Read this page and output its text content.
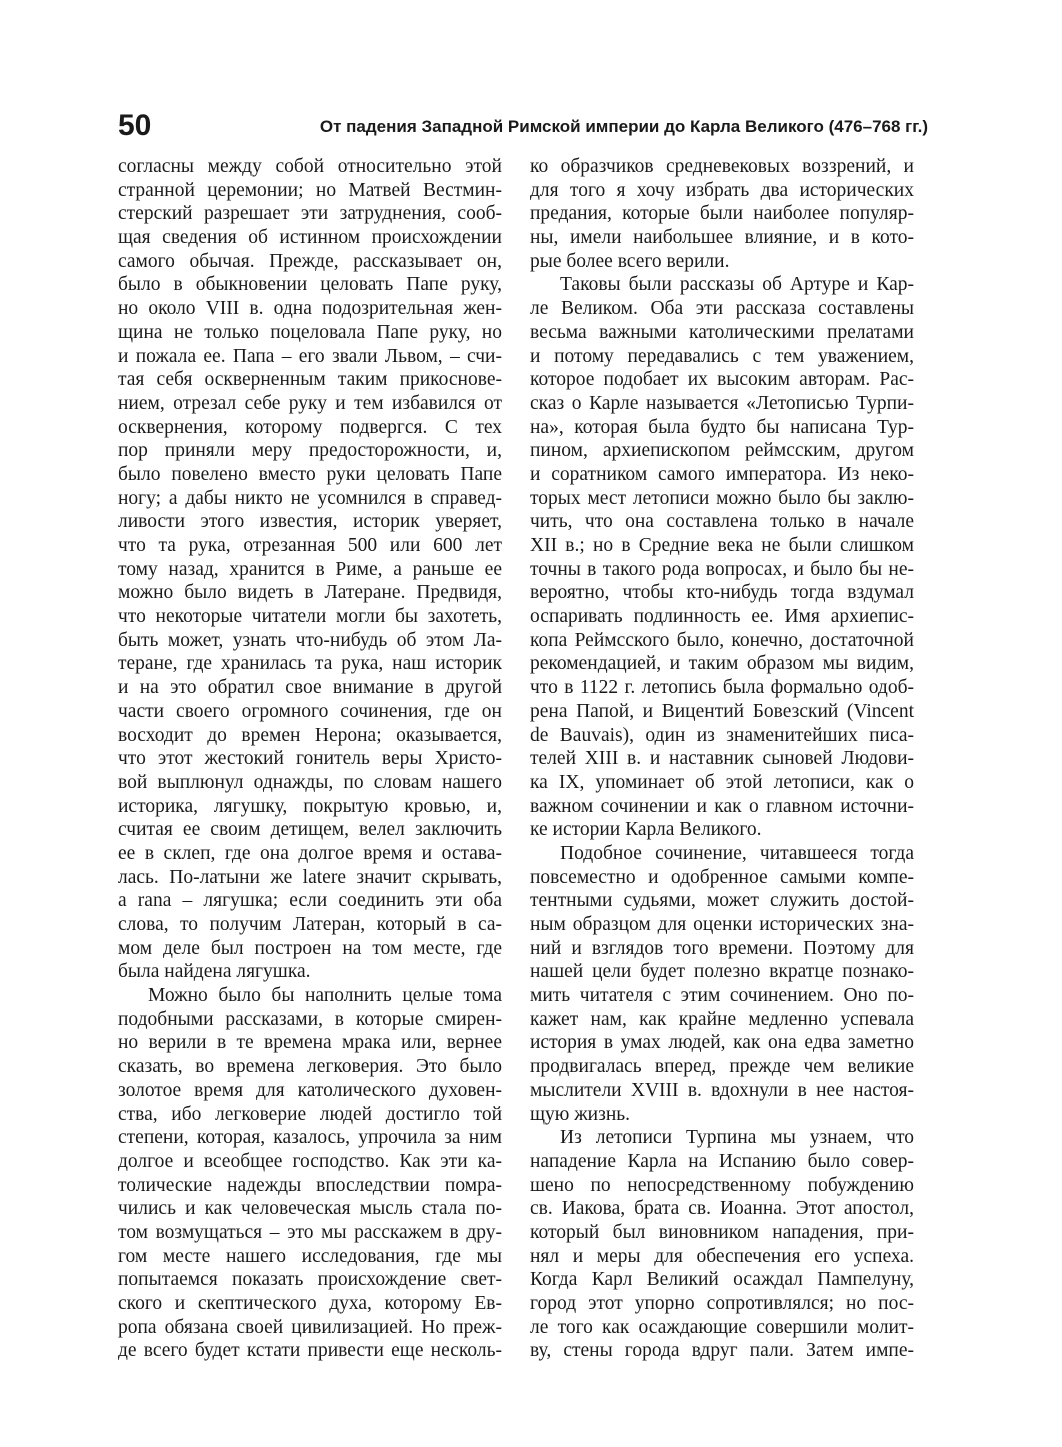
50	От падения Западной Римской империи до Карла Великого (476–768 гг.)
согласны между собой относительно этой
странной церемонии; но Матвей Вестмин-
стерский разрешает эти затруднения, сооб-
щая сведения об истинном происхождении
самого обычая. Прежде, рассказывает он,
было в обыкновении целовать Папе руку,
но около VIII в. одна подозрительная жен-
щина не только поцеловала Папе руку, но
и пожала ее. Папа – его звали Львом, – счи-
тая себя оскверненным таким прикоснове-
нием, отрезал себе руку и тем избавился от
осквернения, которому подвергся. С тех
пор приняли меру предосторожности, и,
было повелено вместо руки целовать Папе
ногу; а дабы никто не усомнился в справед-
ливости этого известия, историк уверяет,
что та рука, отрезанная 500 или 600 лет
тому назад, хранится в Риме, а раньше ее
можно было видеть в Латеране. Предвидя,
что некоторые читатели могли бы захотеть,
быть может, узнать что-нибудь об этом Ла-
теране, где хранилась та рука, наш историк
и на это обратил свое внимание в другой
части своего огромного сочинения, где он
восходит до времен Нерона; оказывается,
что этот жестокий гонитель веры Христо-
вой выплюнул однажды, по словам нашего
историка, лягушку, покрытую кровью, и,
считая ее своим детищем, велел заключить
ее в склеп, где она долгое время и остава-
лась. По-латыни же latere значит скрывать,
а rana – лягушка; если соединить эти оба
слова, то получим Латеран, который в са-
мом деле был построен на том месте, где
была найдена лягушка.
Можно было бы наполнить целые тома
подобными рассказами, в которые смирен-
но верили в те времена мрака или, вернее
сказать, во времена легковерия. Это было
золотое время для католического духовен-
ства, ибо легковерие людей достигло той
степени, которая, казалось, упрочила за ним
долгое и всеобщее господство. Как эти ка-
толические надежды впоследствии помра-
чились и как человеческая мысль стала по-
том возмущаться – это мы расскажем в дру-
гом месте нашего исследования, где мы
попытаемся показать происхождение свет-
ского и скептического духа, которому Ев-
ропа обязана своей цивилизацией. Но преж-
де всего будет кстати привести еще несколь-
ко образчиков средневековых воззрений, и
для того я хочу избрать два исторических
предания, которые были наиболее популяр-
ны, имели наибольшее влияние, и в кото-
рые более всего верили.
Таковы были рассказы об Артуре и Кар-
ле Великом. Оба эти рассказа составлены
весьма важными католическими прелатами
и потому передавались с тем уважением,
которое подобает их высоким авторам. Рас-
сказ о Карле называется «Летописью Турпи-
на», которая была будто бы написана Тур-
пином, архиепископом реймсским, другом
и соратником самого императора. Из неко-
торых мест летописи можно было бы заклю-
чить, что она составлена только в начале
XII в.; но в Средние века не были слишком
точны в такого рода вопросах, и было бы не-
вероятно, чтобы кто-нибудь тогда вздумал
оспаривать подлинность ее. Имя архиепис-
копа Реймсского было, конечно, достаточной
рекомендацией, и таким образом мы видим,
что в 1122 г. летопись была формально одоб-
рена Папой, и Вицентий Бовезский (Vincent
de Bauvais), один из знаменитейших писа-
телей XIII в. и наставник сыновей Людови-
ка IX, упоминает об этой летописи, как о
важном сочинении и как о главном источни-
ке истории Карла Великого.
Подобное сочинение, читавшееся тогда
повсеместно и одобренное самыми компе-
тентными судьями, может служить достой-
ным образцом для оценки исторических зна-
ний и взглядов того времени. Поэтому для
нашей цели будет полезно вкратце познако-
мить читателя с этим сочинением. Оно по-
кажет нам, как крайне медленно успевала
история в умах людей, как она едва заметно
продвигалась вперед, прежде чем великие
мыслители XVIII в. вдохнули в нее настоя-
щую жизнь.
Из летописи Турпина мы узнаем, что
нападение Карла на Испанию было совер-
шено по непосредственному побуждению
св. Иакова, брата св. Иоанна. Этот апостол,
который был виновником нападения, при-
нял и меры для обеспечения его успеха.
Когда Карл Великий осаждал Пампелуну,
город этот упорно сопротивлялся; но пос-
ле того как осаждающие совершили молит-
ву, стены города вдруг пали. Затем импе-
